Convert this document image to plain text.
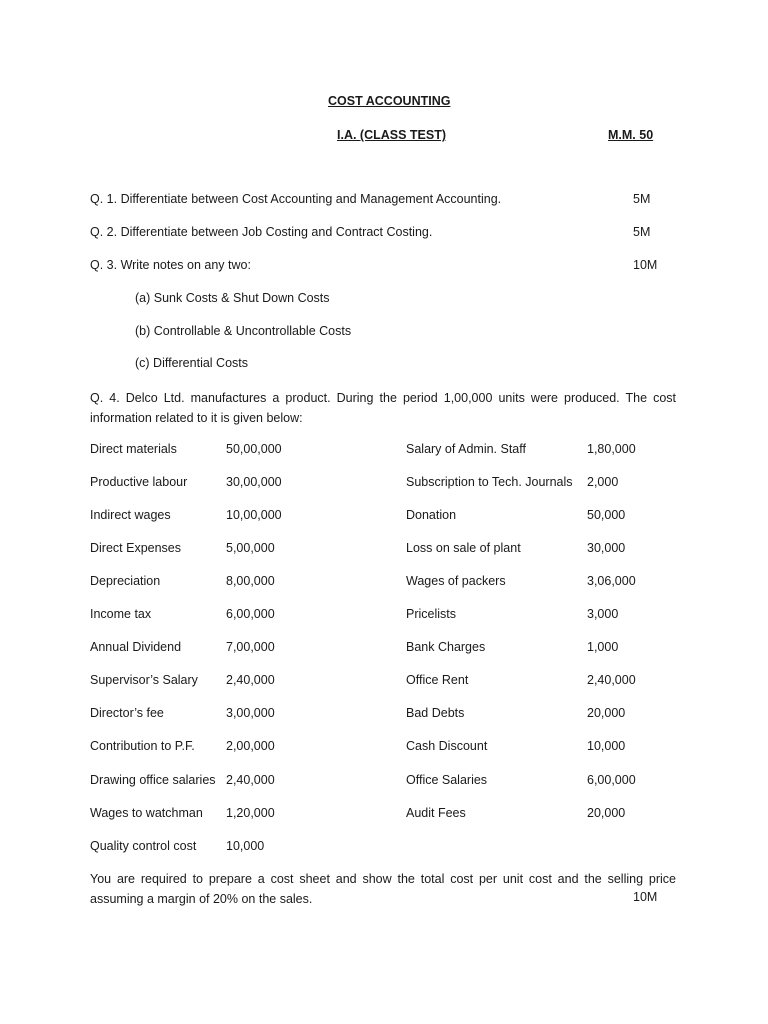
COST ACCOUNTING
I.A. (CLASS TEST)	M.M. 50
Q. 1. Differentiate between Cost Accounting and Management Accounting.	5M
Q. 2. Differentiate between Job Costing and Contract Costing.	5M
Q. 3. Write notes on any two:	10M
(a) Sunk Costs & Shut Down Costs
(b) Controllable & Uncontrollable Costs
(c) Differential Costs
Q. 4. Delco Ltd. manufactures a product. During the period 1,00,000 units were produced. The cost information related to it is given below:
Direct materials	50,00,000	Salary of Admin. Staff	1,80,000
Productive labour	30,00,000	Subscription to Tech. Journals 2,000
Indirect wages	10,00,000	Donation	50,000
Direct Expenses	5,00,000	Loss on sale of plant	30,000
Depreciation	8,00,000	Wages of packers	3,06,000
Income tax	6,00,000	Pricelists	3,000
Annual Dividend	7,00,000	Bank Charges	1,000
Supervisor’s Salary 2,40,000	Office Rent	2,40,000
Director’s fee	3,00,000	Bad Debts	20,000
Contribution to P.F.	2,00,000	Cash Discount	10,000
Drawing office salaries 2,40,000	Office Salaries	6,00,000
Wages to watchman 1,20,000	Audit Fees	20,000
Quality control cost 10,000
You are required to prepare a cost sheet and show the total cost per unit cost and the selling price assuming a margin of 20% on the sales.	10M
